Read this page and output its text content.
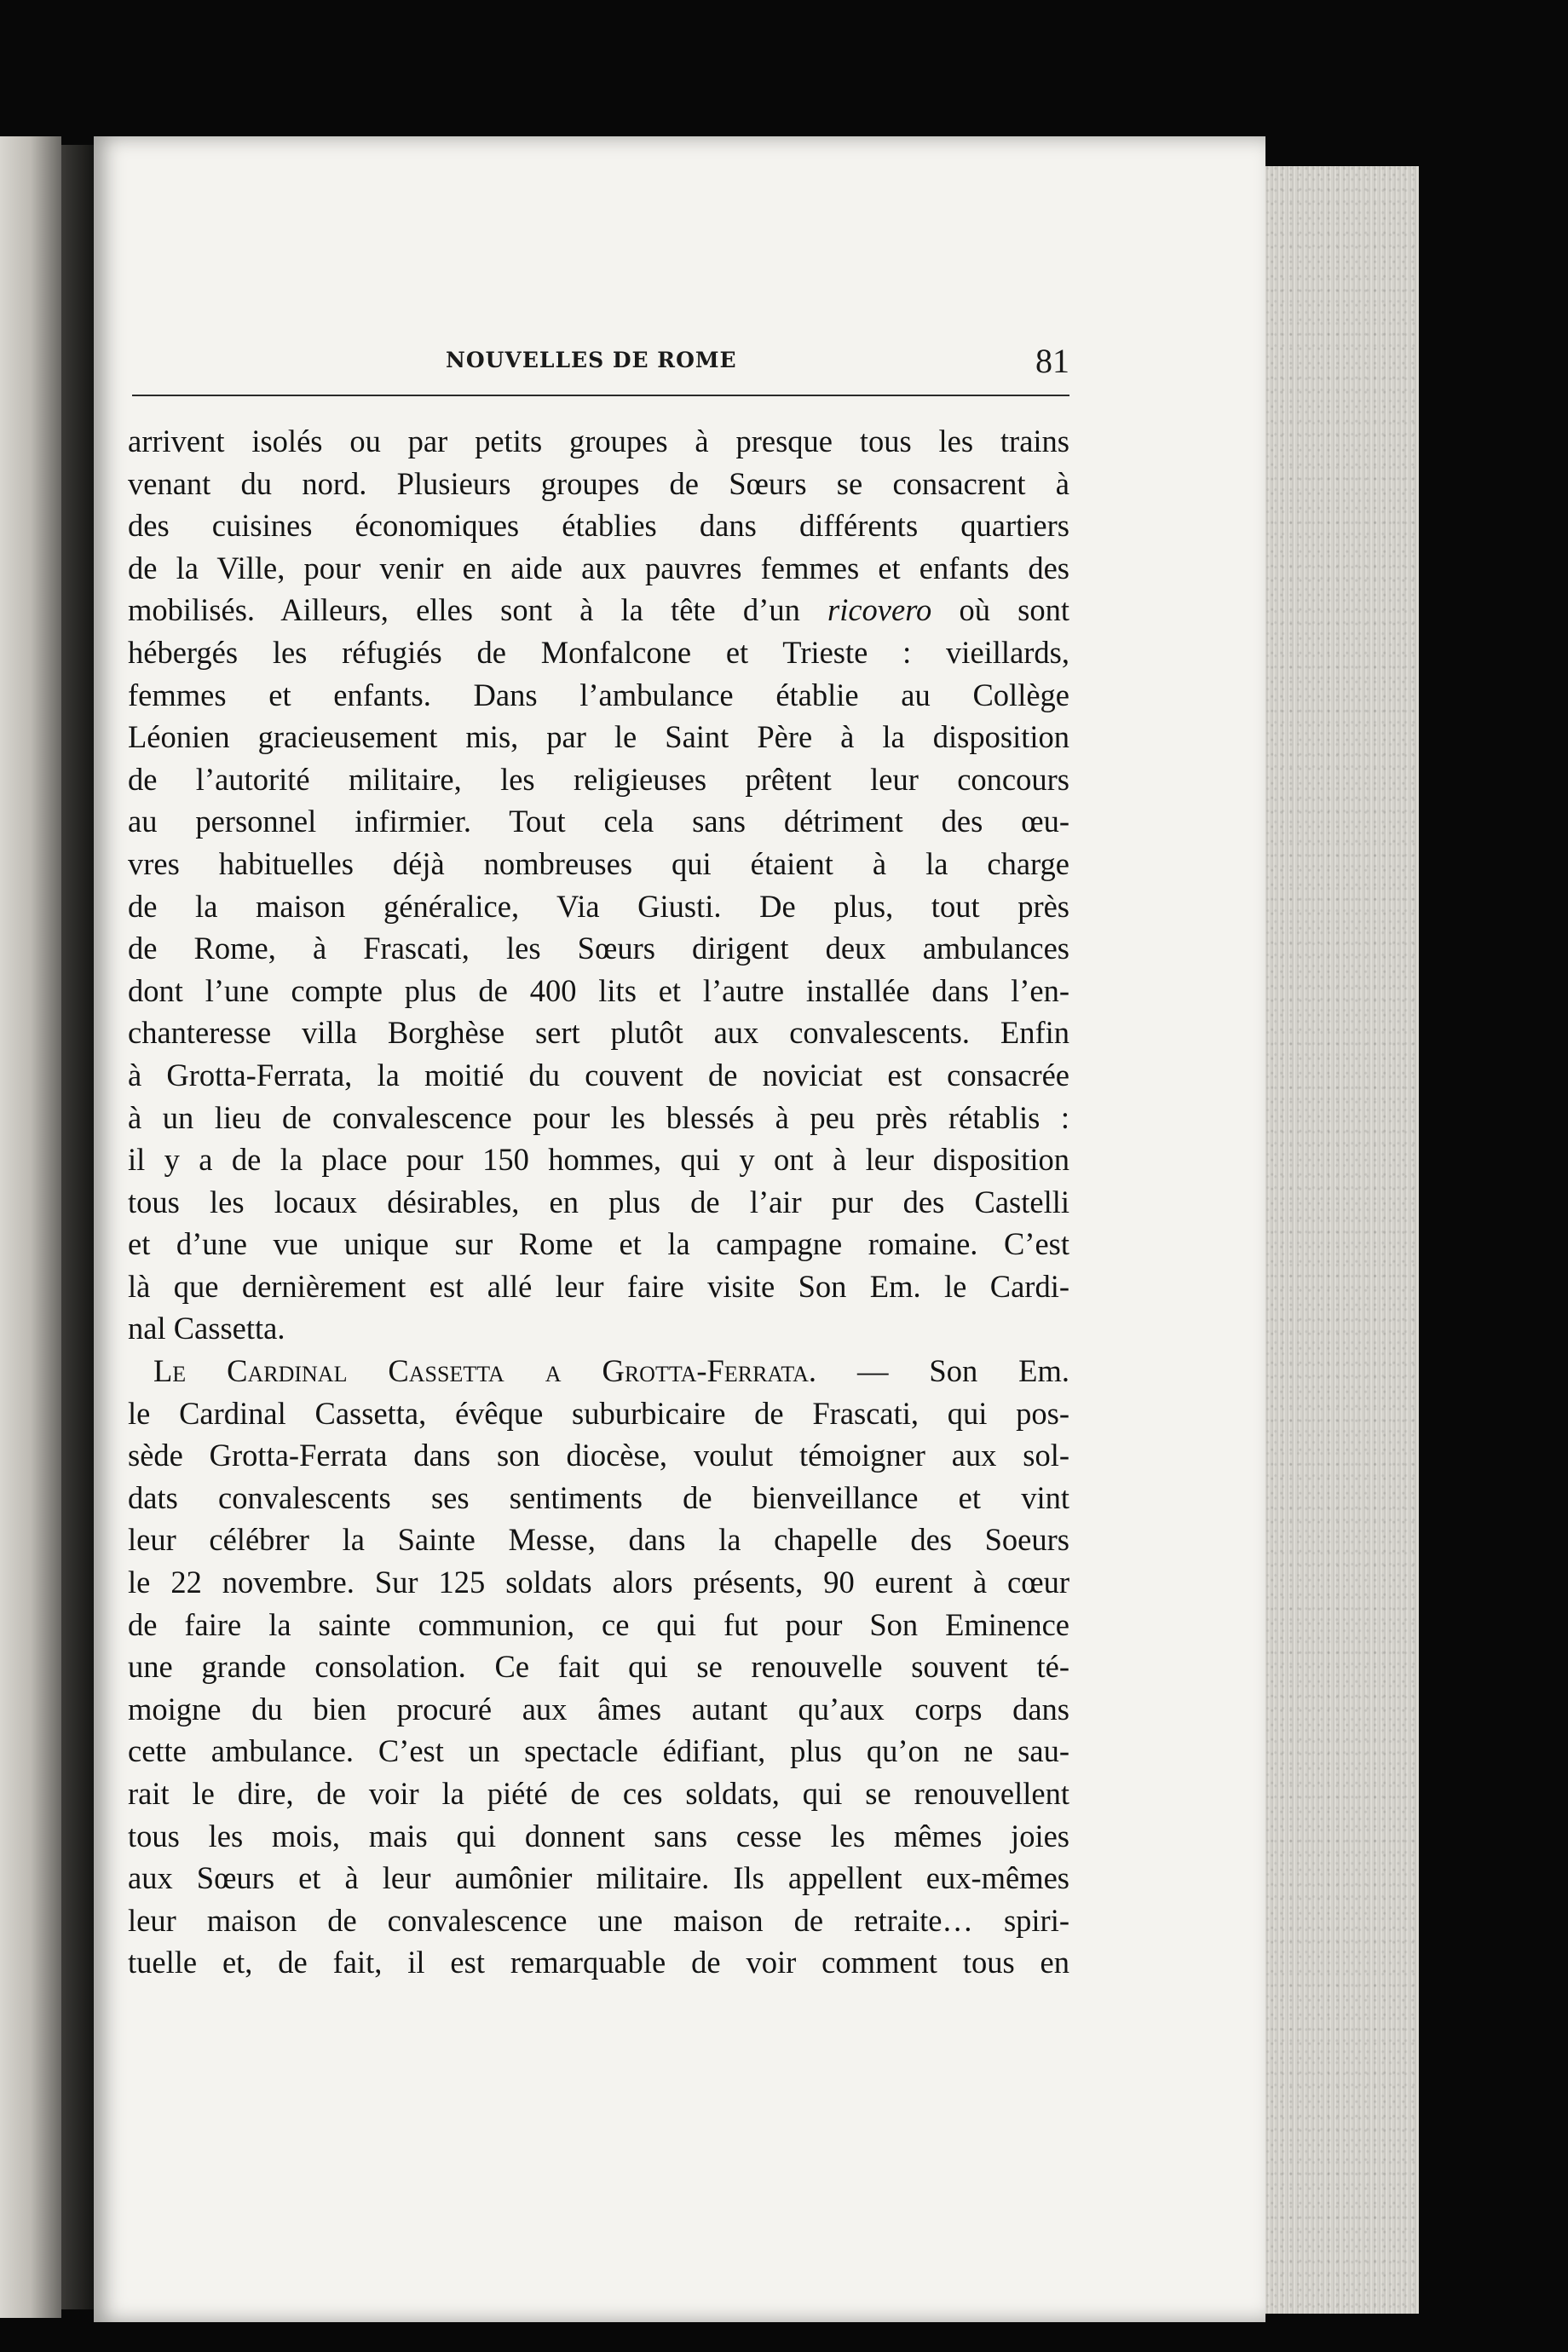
NOUVELLES DE ROME	81
arrivent isolés ou par petits groupes à presque tous les trains
venant du nord. Plusieurs groupes de Sœurs se consacrent à
des cuisines économiques établies dans différents quartiers
de la Ville, pour venir en aide aux pauvres femmes et enfants des
mobilisés. Ailleurs, elles sont à la tête d’un ricovero où sont
hébergés les réfugiés de Monfalcone et Trieste : vieillards,
femmes et enfants. Dans l’ambulance établie au Collège
Léonien gracieusement mis, par le Saint Père à la disposition
de l’autorité militaire, les religieuses prêtent leur concours
au personnel infirmier. Tout cela sans détriment des œu-
vres habituelles déjà nombreuses qui étaient à la charge
de la maison généralice, Via Giusti. De plus, tout près
de Rome, à Frascati, les Sœurs dirigent deux ambulances
dont l’une compte plus de 400 lits et l’autre installée dans l’en-
chanteresse villa Borghèse sert plutôt aux convalescents. Enfin
à Grotta-Ferrata, la moitié du couvent de noviciat est consacrée
à un lieu de convalescence pour les blessés à peu près rétablis :
il y a de la place pour 150 hommes, qui y ont à leur disposition
tous les locaux désirables, en plus de l’air pur des Castelli
et d’une vue unique sur Rome et la campagne romaine. C’est
là que dernièrement est allé leur faire visite Son Em. le Cardi-
nal Cassetta.
Le Cardinal Cassetta a Grotta-Ferrata. — Son Em.
le Cardinal Cassetta, évêque suburbicaire de Frascati, qui pos-
sède Grotta-Ferrata dans son diocèse, voulut témoigner aux sol-
dats convalescents ses sentiments de bienveillance et vint
leur célébrer la Sainte Messe, dans la chapelle des Soeurs
le 22 novembre. Sur 125 soldats alors présents, 90 eurent à cœur
de faire la sainte communion, ce qui fut pour Son Eminence
une grande consolation. Ce fait qui se renouvelle souvent té-
moigne du bien procuré aux âmes autant qu’aux corps dans
cette ambulance. C’est un spectacle édifiant, plus qu’on ne sau-
rait le dire, de voir la piété de ces soldats, qui se renouvellent
tous les mois, mais qui donnent sans cesse les mêmes joies
aux Sœurs et à leur aumônier militaire. Ils appellent eux-mêmes
leur maison de convalescence une maison de retraite… spiri-
tuelle et, de fait, il est remarquable de voir comment tous en
